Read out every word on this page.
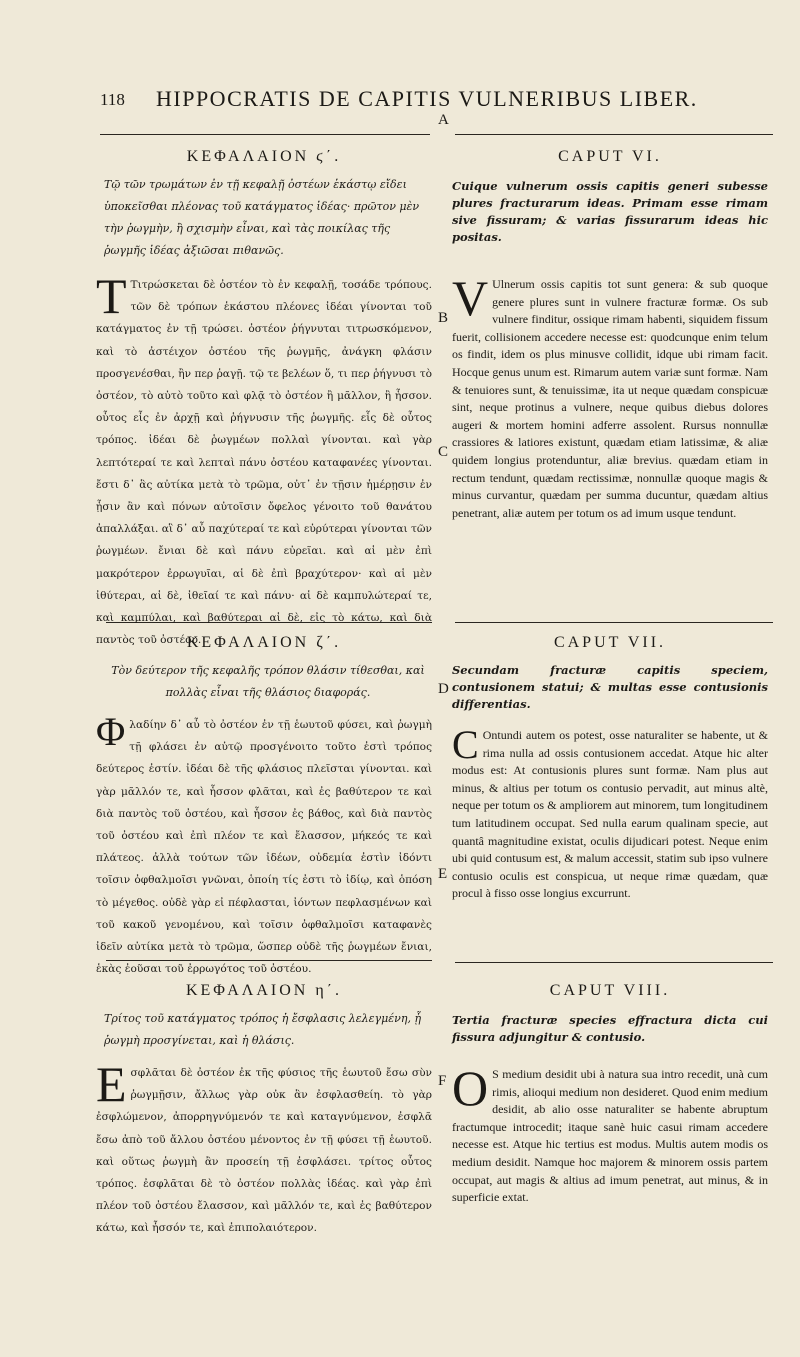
118 HIPPOCRATIS DE CAPITIS VULNERIBUS LIBER.
A
B
C
D
E
F
ΚΕΦΑΛΑΙΟΝ ϛ΄.

Τῷ τῶν τρωμάτων ἐν τῇ κεφαλῇ ὀστέων ἑκάστῳ εἴδει ὑποκεῖσθαι πλέονας τοῦ κατάγματος ἰδέας· πρῶτον μὲν τὴν ῥωγμὴν, ἢ σχισμὴν εἶναι, καὶ τὰς ποικίλας τῆς ῥωγμῆς ἰδέας ἀξιῶσαι πιθανῶς.

Τ Τιτρώσκεται δὲ ὀστέον τὸ ἐν κεφαλῇ, τοσάδε τρόπους. τῶν δὲ τρόπων ἑκάστου πλέονες ἰδέαι γίνονται τοῦ κατάγματος ἐν τῇ τρώσει. ὀστέον ῥήγνυται τιτρωσκόμενον, καὶ τὸ ἀστέιχον ὀστέου τῆς ῥωγμῆς, ἀνάγκη φλάσιν προσγενέσθαι, ἢν περ ῥαγῇ. τῷ τε βελέων ὅ, τι περ ῥήγνυσι τὸ ὀστέον, τὸ αὐτὸ τοῦτο καὶ φλᾷ τὸ ὀστέον ἢ μᾶλλον, ἢ ἧσσον. οὗτος εἷς ἐν ἀρχῇ καὶ ῥήγνυσιν τῆς ῥωγμῆς. εἷς δὲ οὗτος τρόπος. ἰδέαι δὲ ῥωγμέων πολλαὶ γίνονται. καὶ γὰρ λεπτότεραί τε καὶ λεπταὶ πάνυ ὀστέου καταφανέες γίνονται. ἔστι δ᾽ ἃς αὐτίκα μετὰ τὸ τρῶμα, οὐτ᾽ ἐν τῇσιν ἡμέρῃσιν ἐν ᾗσιν ἂν καὶ πόνων αὐτοῖσιν ὄφελος γένοιτο τοῦ θανάτου ἀπαλλάξαι. αἳ δ᾽ αὖ παχύτεραί τε καὶ εὐρύτεραι γίνονται τῶν ῥωγμέων. ἔνιαι δὲ καὶ πάνυ εὐρεῖαι. καὶ αἱ μὲν ἐπὶ μακρότερον ἐρρωγυῖαι, αἱ δὲ ἐπὶ βραχύτερον· καὶ αἱ μὲν ἰθύτεραι, αἱ δὲ, ἰθεῖαί τε καὶ πάνυ· αἱ δὲ καμπυλώτεραί τε, καὶ καμπύλαι, καὶ βαθύτεραι αἱ δὲ, εἰς τὸ κάτω, καὶ διὰ παντὸς τοῦ ὀστέου.

CAPUT VI.

Cuique vulnerum ossis capitis generi subesse plures fracturarum ideas. Primam esse rimam sive fissuram; & varias fissurarum ideas hic positas.

V Ulnerum ossis capitis tot sunt genera: & sub quoque genere plures sunt in vulnere fracturæ formæ. Os sub vulnere finditur, ossique rimam habenti, siquidem fissum fuerit, collisionem accedere necesse est: quodcunque enim telum os findit, idem os plus minusve collidit, idque ubi rimam facit. Hocque genus unum est. Rimarum autem variæ sunt formæ. Nam & tenuiores sunt, & tenuissimæ, ita ut neque quædam conspicuæ sint, neque protinus a vulnere, neque quibus diebus dolores augeri & mortem homini adferre assolent. Rursus nonnullæ crassiores & latiores existunt, quædam etiam latissimæ, & aliæ quidem longius protenduntur, aliæ brevius. quædam etiam in rectum tendunt, quædam rectissimæ, nonnullæ quoque magis & minus curvantur, quædam per summa ducuntur, quædam altius penetrant, aliæ autem per totum os ad imum usque tendunt.

ΚΕΦΑΛΑΙΟΝ ζ΄.

Τὸν δεύτερον τῆς κεφαλῆς τρόπον θλάσιν τίθεσθαι, καὶ πολλὰς εἶναι τῆς θλάσιος διαφοράς.

Φλαδίην δ᾽ αὖ τὸ ὀστέον ἐν τῇ ἑωυτοῦ φύσει, καὶ ῥωγμὴ τῇ φλάσει ἐν αὐτῷ προσγένοιτο τοῦτο ἐστὶ τρόπος δεύτερος ἐστίν. ἰδέαι δὲ τῆς φλάσιος πλεῖσται γίνονται. καὶ γὰρ μᾶλλόν τε, καὶ ἧσσον φλᾶται, καὶ ἐς βαθύτερον τε καὶ διὰ παντὸς τοῦ ὀστέου, καὶ ἧσσον ἐς βάθος, καὶ διὰ παντὸς τοῦ ὀστέου καὶ ἐπὶ πλέον τε καὶ ἔλασσον, μήκεός τε καὶ πλάτεος. ἀλλὰ τούτων τῶν ἰδέων, οὐδεμία ἐστὶν ἰδόντι τοῖσιν ὀφθαλμοῖσι γνῶναι, ὁποίη τίς ἐστι τὸ ἰδίῳ, καὶ ὁπόση τὸ μέγεθος. οὐδὲ γὰρ εἰ πέφλασται, ἰόντων πεφλασμένων καὶ τοῦ κακοῦ γενομένου, καὶ τοῖσιν ὀφθαλμοῖσι καταφανὲς ἰδεῖν αὐτίκα μετὰ τὸ τρῶμα, ὥσπερ οὐδὲ τῆς ῥωγμέων ἔνιαι, ἑκὰς ἐοῦσαι τοῦ ἐρρωγότος τοῦ ὀστέου.

CAPUT VII.

Secundam fracturæ capitis speciem, contusionem statui; & multas esse contusionis differentias.

C Ontundi autem os potest, osse naturaliter se habente, ut & rima nulla ad ossis contusionem accedat. Atque hic alter modus est: At contusionis plures sunt formæ. Nam plus aut minus, & altius per totum os contusio pervadit, aut minus altè, neque per totum os & ampliorem aut minorem, tum longitudinem tum latitudinem occupat. Sed nulla earum qualinam specie, aut quantâ magnitudine existat, oculis dijudicari potest. Neque enim ubi quid contusum est, & malum accessit, statim sub ipso vulnere contusio oculis est conspicua, ut neque rimæ quædam, quæ procul à fisso osse longius excurrunt.

ΚΕΦΑΛΑΙΟΝ η΄.

Τρίτος τοῦ κατάγματος τρόπος ἡ ἔσφλασις λελεγμένη, ᾗ ῥωγμὴ προσγίνεται, καὶ ἡ θλάσις.

Εσφλᾶται δὲ ὀστέον ἐκ τῆς φύσιος τῆς ἑωυτοῦ ἔσω σὺν ῥωγμῇσιν, ἄλλως γὰρ οὐκ ἂν ἐσφλασθείη. τὸ γὰρ ἐσφλώμενον, ἀπορρηγνύμενόν τε καὶ καταγνύμενον, ἐσφλᾶ ἔσω ἀπὸ τοῦ ἄλλου ὀστέου μένοντος ἐν τῇ φύσει τῇ ἑωυτοῦ. καὶ οὕτως ῥωγμὴ ἂν προσείη τῇ ἐσφλάσει. τρίτος οὗτος τρόπος. ἐσφλᾶται δὲ τὸ ὀστέον πολλὰς ἰδέας. καὶ γὰρ ἐπὶ πλέον τοῦ ὀστέου ἔλασσον, καὶ μᾶλλόν τε, καὶ ἐς βαθύτερον κάτω, καὶ ἧσσόν τε, καὶ ἐπιπολαιότερον.

CAPUT VIII.

Tertia fracturæ species effractura dicta cui fissura adjungitur & contusio.

O S medium desidit ubi à natura sua intro recedit, unà cum rimis, alioqui medium non desideret. Quod enim medium desidit, ab alio osse naturaliter se habente abruptum fractumque introcedit; itaque sanè huic casui rimam accedere necesse est. Atque hic tertius est modus. Multis autem modis os medium desidit. Namque hoc majorem & minorem ossis partem occupat, aut magis & altius ad imum penetrat, aut minus, & in superficie extat.
